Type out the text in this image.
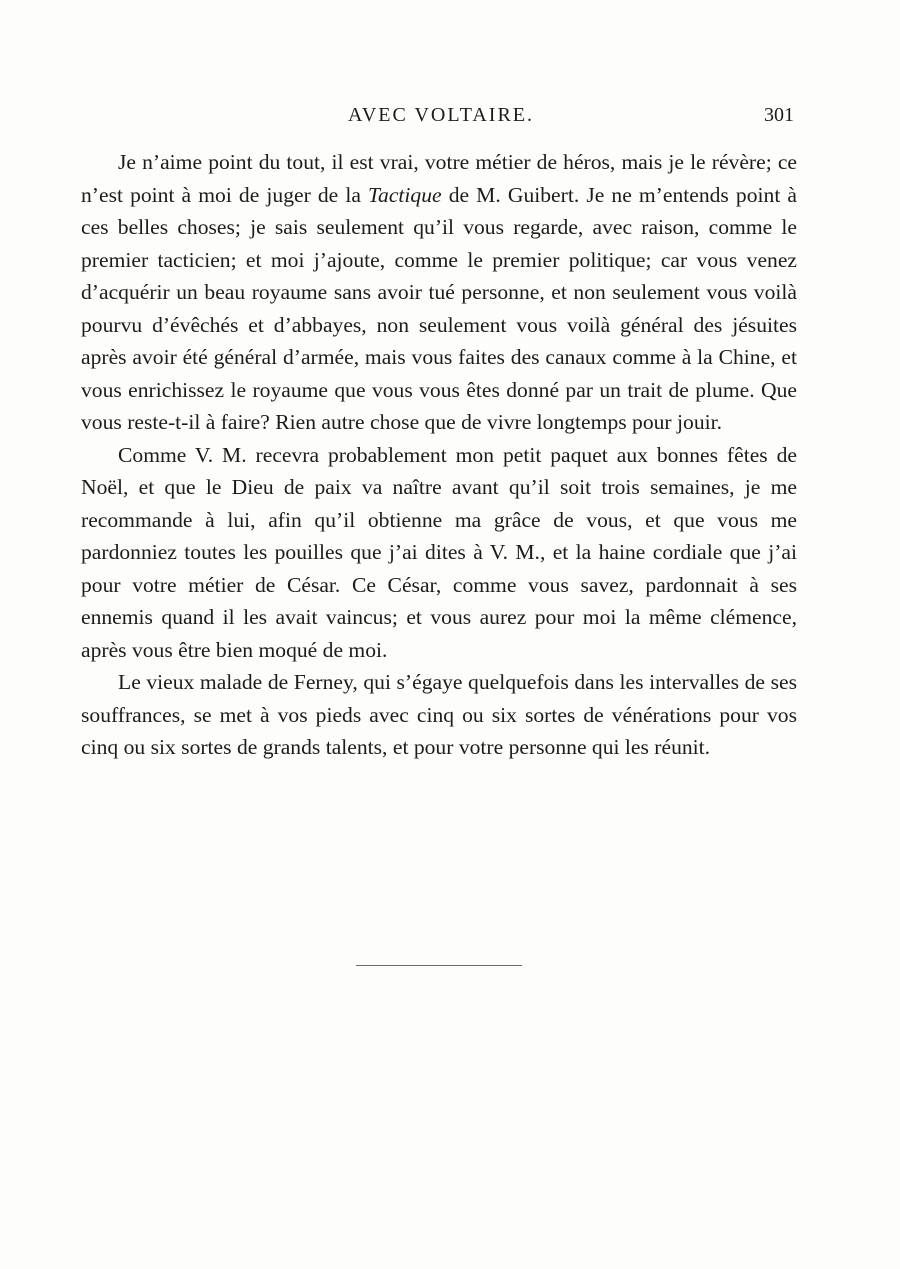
AVEC VOLTAIRE.	301

Je n’aime point du tout, il est vrai, votre métier de héros, mais je le révère; ce n’est point à moi de juger de la Tactique de M. Guibert. Je ne m’entends point à ces belles choses; je sais seulement qu’il vous regarde, avec raison, comme le premier tacticien; et moi j’ajoute, comme le premier politique; car vous venez d’acquérir un beau royaume sans avoir tué personne, et non seulement vous voilà pourvu d’évêchés et d’abbayes, non seulement vous voilà général des jésuites après avoir été général d’armée, mais vous faites des canaux comme à la Chine, et vous enrichissez le royaume que vous vous êtes donné par un trait de plume. Que vous reste-t-il à faire? Rien autre chose que de vivre longtemps pour jouir.

Comme V. M. recevra probablement mon petit paquet aux bonnes fêtes de Noël, et que le Dieu de paix va naître avant qu’il soit trois semaines, je me recommande à lui, afin qu’il obtienne ma grâce de vous, et que vous me pardonniez toutes les pouilles que j’ai dites à V. M., et la haine cordiale que j’ai pour votre métier de César. Ce César, comme vous savez, pardonnait à ses ennemis quand il les avait vaincus; et vous aurez pour moi la même clémence, après vous être bien moqué de moi.

Le vieux malade de Ferney, qui s’égaye quelquefois dans les intervalles de ses souffrances, se met à vos pieds avec cinq ou six sortes de vénérations pour vos cinq ou six sortes de grands talents, et pour votre personne qui les réunit.
